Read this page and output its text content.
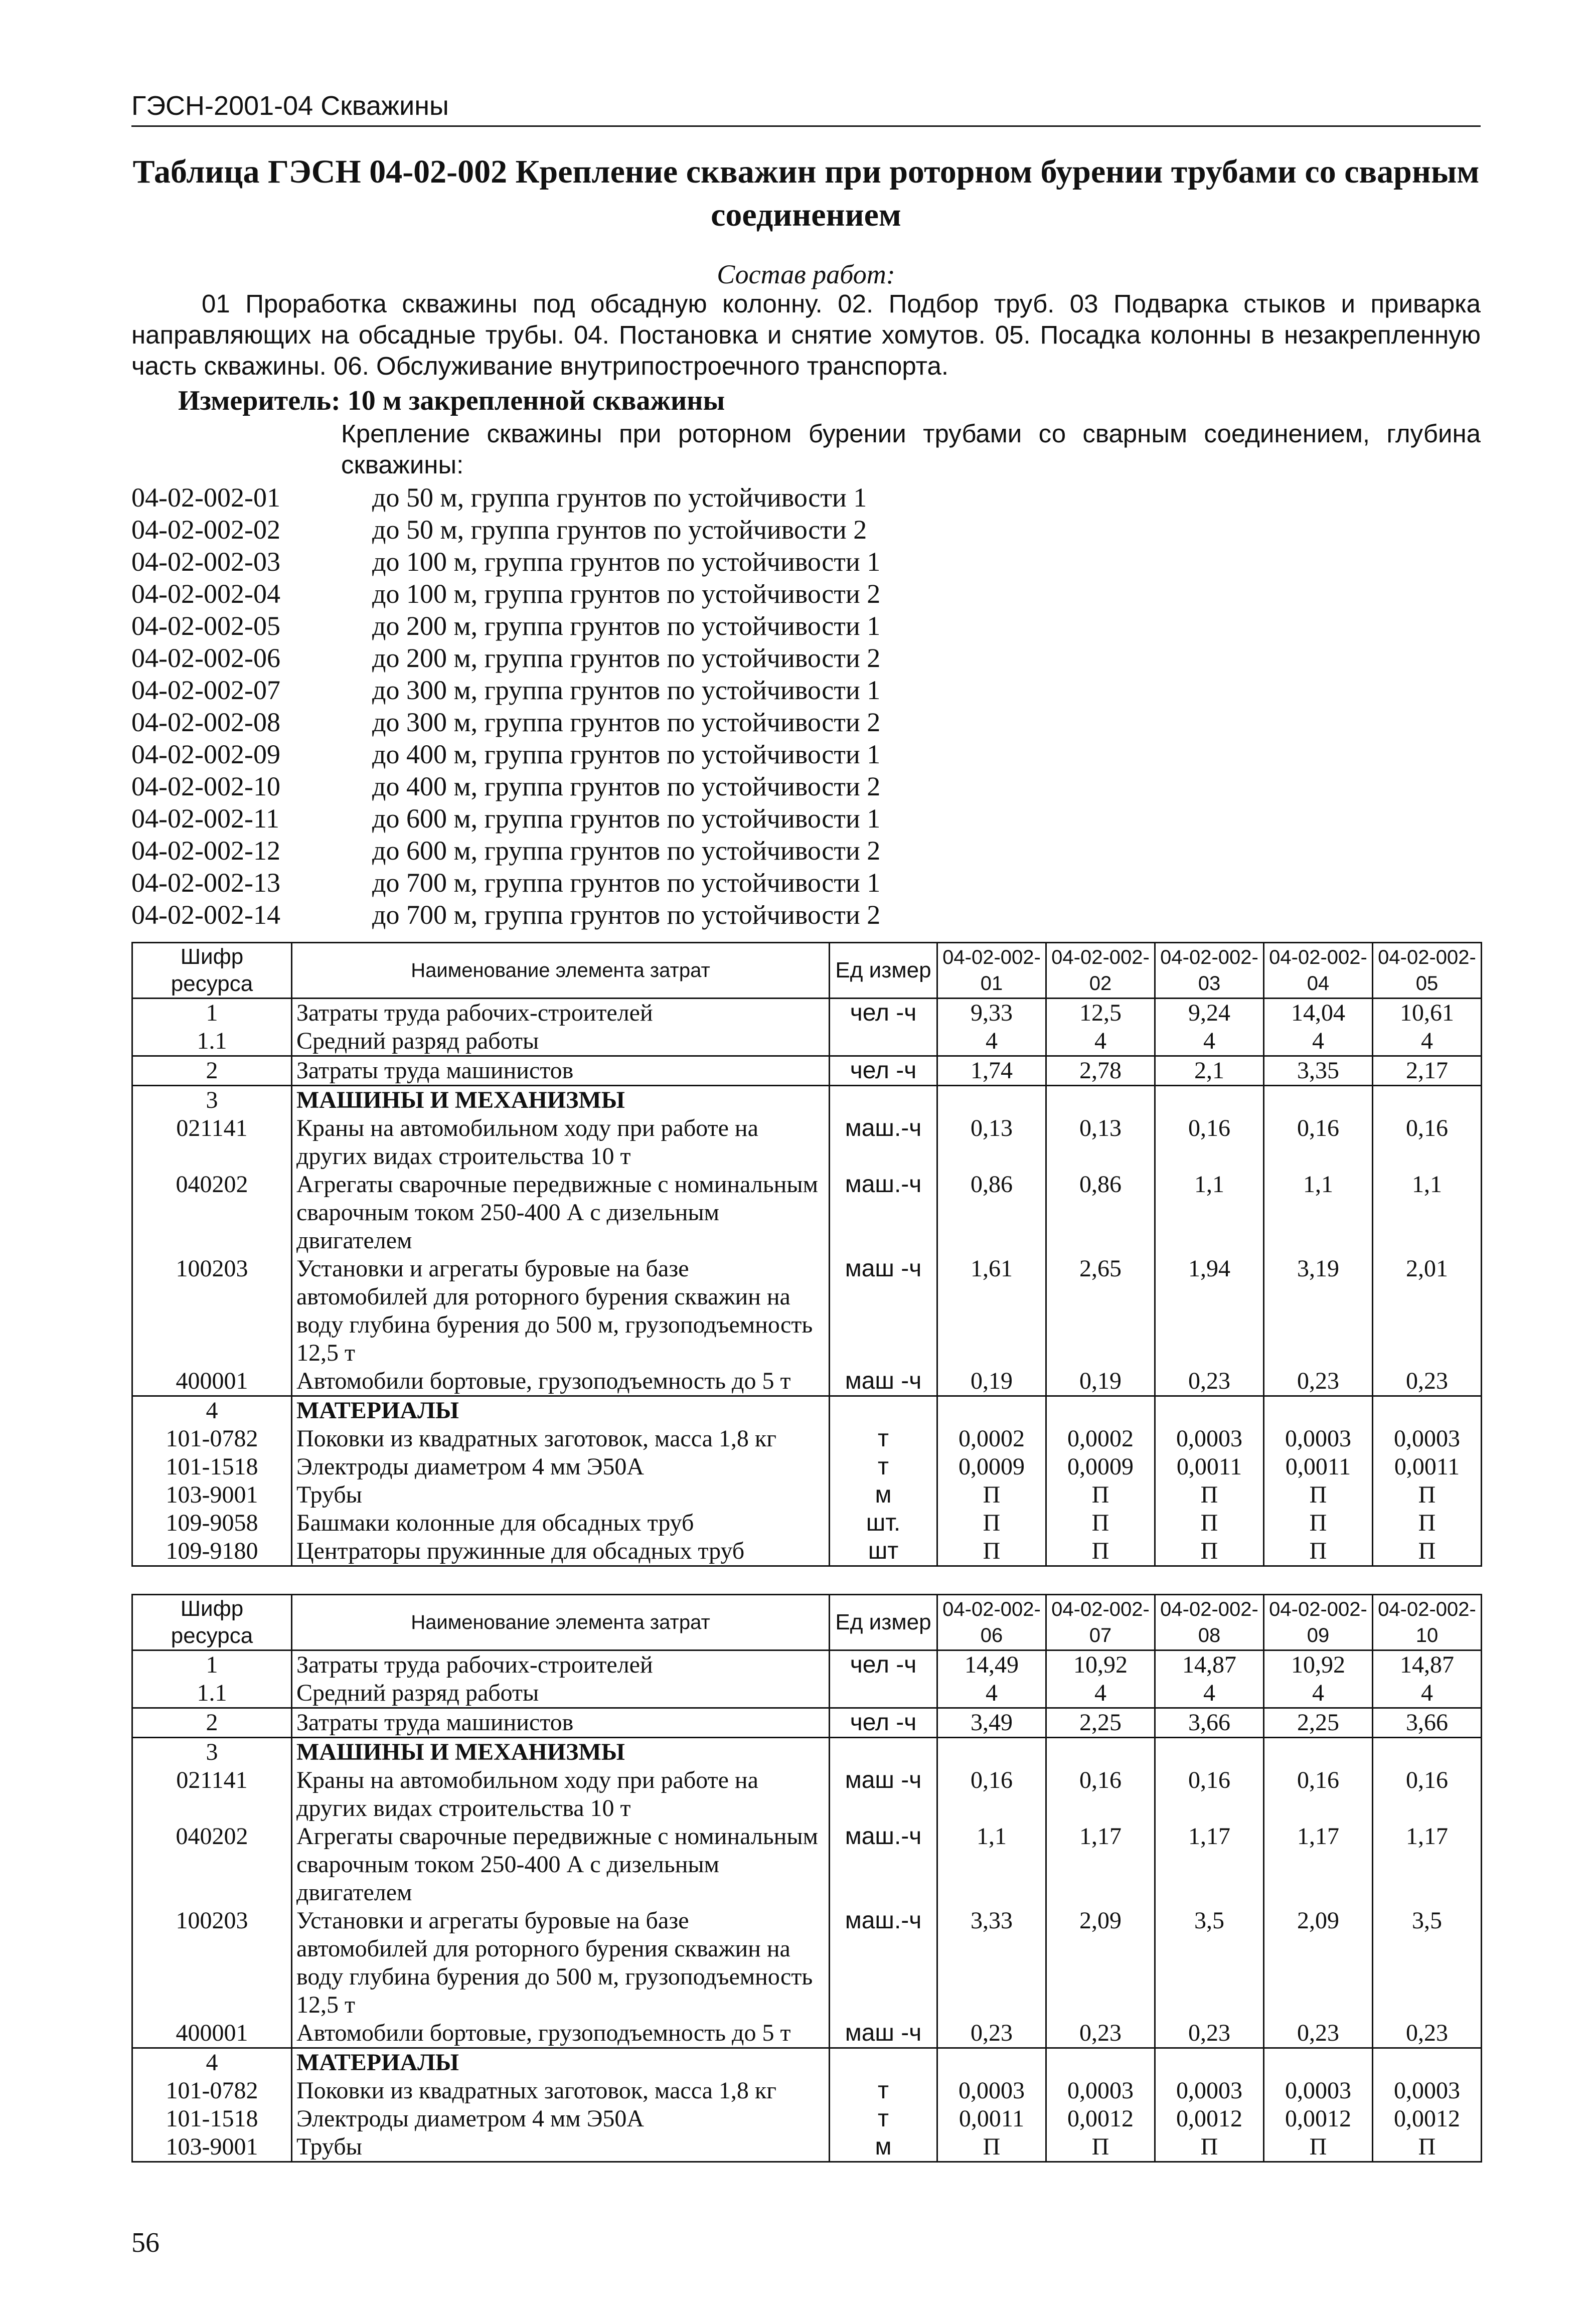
ГЭСН-2001-04 Скважины
Таблица ГЭСН 04-02-002 Крепление скважин при роторном бурении трубами со сварным соединением
Состав работ:
01 Проработка скважины под обсадную колонну. 02. Подбор труб. 03 Подварка стыков и приварка направляющих на обсадные трубы. 04. Постановка и снятие хомутов. 05. Посадка колонны в незакрепленную часть скважины. 06. Обслуживание внутрипостроечного транспорта.
Измеритель: 10 м закрепленной скважины
Крепление скважины при роторном бурении трубами со сварным соединением, глубина скважины:
04-02-002-01	до 50 м, группа грунтов по устойчивости 1
04-02-002-02	до 50 м, группа грунтов по устойчивости 2
04-02-002-03	до 100 м, группа грунтов по устойчивости 1
04-02-002-04	до 100 м, группа грунтов по устойчивости 2
04-02-002-05	до 200 м, группа грунтов по устойчивости 1
04-02-002-06	до 200 м, группа грунтов по устойчивости 2
04-02-002-07	до 300 м, группа грунтов по устойчивости 1
04-02-002-08	до 300 м, группа грунтов по устойчивости 2
04-02-002-09	до 400 м, группа грунтов по устойчивости 1
04-02-002-10	до 400 м, группа грунтов по устойчивости 2
04-02-002-11	до 600 м, группа грунтов по устойчивости 1
04-02-002-12	до 600 м, группа грунтов по устойчивости 2
04-02-002-13	до 700 м, группа грунтов по устойчивости 1
04-02-002-14	до 700 м, группа грунтов по устойчивости 2
Шифр ресурса	Наименование элемента затрат	Ед измер	04-02-002-01	04-02-002-02	04-02-002-03	04-02-002-04	04-02-002-05
1	Затраты труда рабочих-строителей	чел -ч	9,33	12,5	9,24	14,04	10,61
1.1	Средний разряд работы		4	4	4	4	4
2	Затраты труда машинистов	чел -ч	1,74	2,78	2,1	3,35	2,17
3	МАШИНЫ И МЕХАНИЗМЫ						
021141	Краны на автомобильном ходу при работе на других видах строительства 10 т	маш.-ч	0,13	0,13	0,16	0,16	0,16
040202	Агрегаты сварочные передвижные с номинальным сварочным током 250-400 А с дизельным двигателем	маш.-ч	0,86	0,86	1,1	1,1	1,1
100203	Установки и агрегаты буровые на базе автомобилей для роторного бурения скважин на воду глубина бурения до 500 м, грузоподъемность 12,5 т	маш -ч	1,61	2,65	1,94	3,19	2,01
400001	Автомобили бортовые, грузоподъемность до 5 т	маш -ч	0,19	0,19	0,23	0,23	0,23
4	МАТЕРИАЛЫ						
101-0782	Поковки из квадратных заготовок, масса 1,8 кг	т	0,0002	0,0002	0,0003	0,0003	0,0003
101-1518	Электроды диаметром 4 мм Э50А	т	0,0009	0,0009	0,0011	0,0011	0,0011
103-9001	Трубы	м	П	П	П	П	П
109-9058	Башмаки колонные для обсадных труб	шт.	П	П	П	П	П
109-9180	Центраторы пружинные для обсадных труб	шт	П	П	П	П	П
Шифр ресурса	Наименование элемента затрат	Ед измер	04-02-002-06	04-02-002-07	04-02-002-08	04-02-002-09	04-02-002-10
1	Затраты труда рабочих-строителей	чел -ч	14,49	10,92	14,87	10,92	14,87
1.1	Средний разряд работы		4	4	4	4	4
2	Затраты труда машинистов	чел -ч	3,49	2,25	3,66	2,25	3,66
3	МАШИНЫ И МЕХАНИЗМЫ						
021141	Краны на автомобильном ходу при работе на других видах строительства 10 т	маш -ч	0,16	0,16	0,16	0,16	0,16
040202	Агрегаты сварочные передвижные с номинальным сварочным током 250-400 А с дизельным двигателем	маш.-ч	1,1	1,17	1,17	1,17	1,17
100203	Установки и агрегаты буровые на базе автомобилей для роторного бурения скважин на воду глубина бурения до 500 м, грузоподъемность 12,5 т	маш.-ч	3,33	2,09	3,5	2,09	3,5
400001	Автомобили бортовые, грузоподъемность до 5 т	маш -ч	0,23	0,23	0,23	0,23	0,23
4	МАТЕРИАЛЫ						
101-0782	Поковки из квадратных заготовок, масса 1,8 кг	т	0,0003	0,0003	0,0003	0,0003	0,0003
101-1518	Электроды диаметром 4 мм Э50А	т	0,0011	0,0012	0,0012	0,0012	0,0012
103-9001	Трубы	м	П	П	П	П	П
56
